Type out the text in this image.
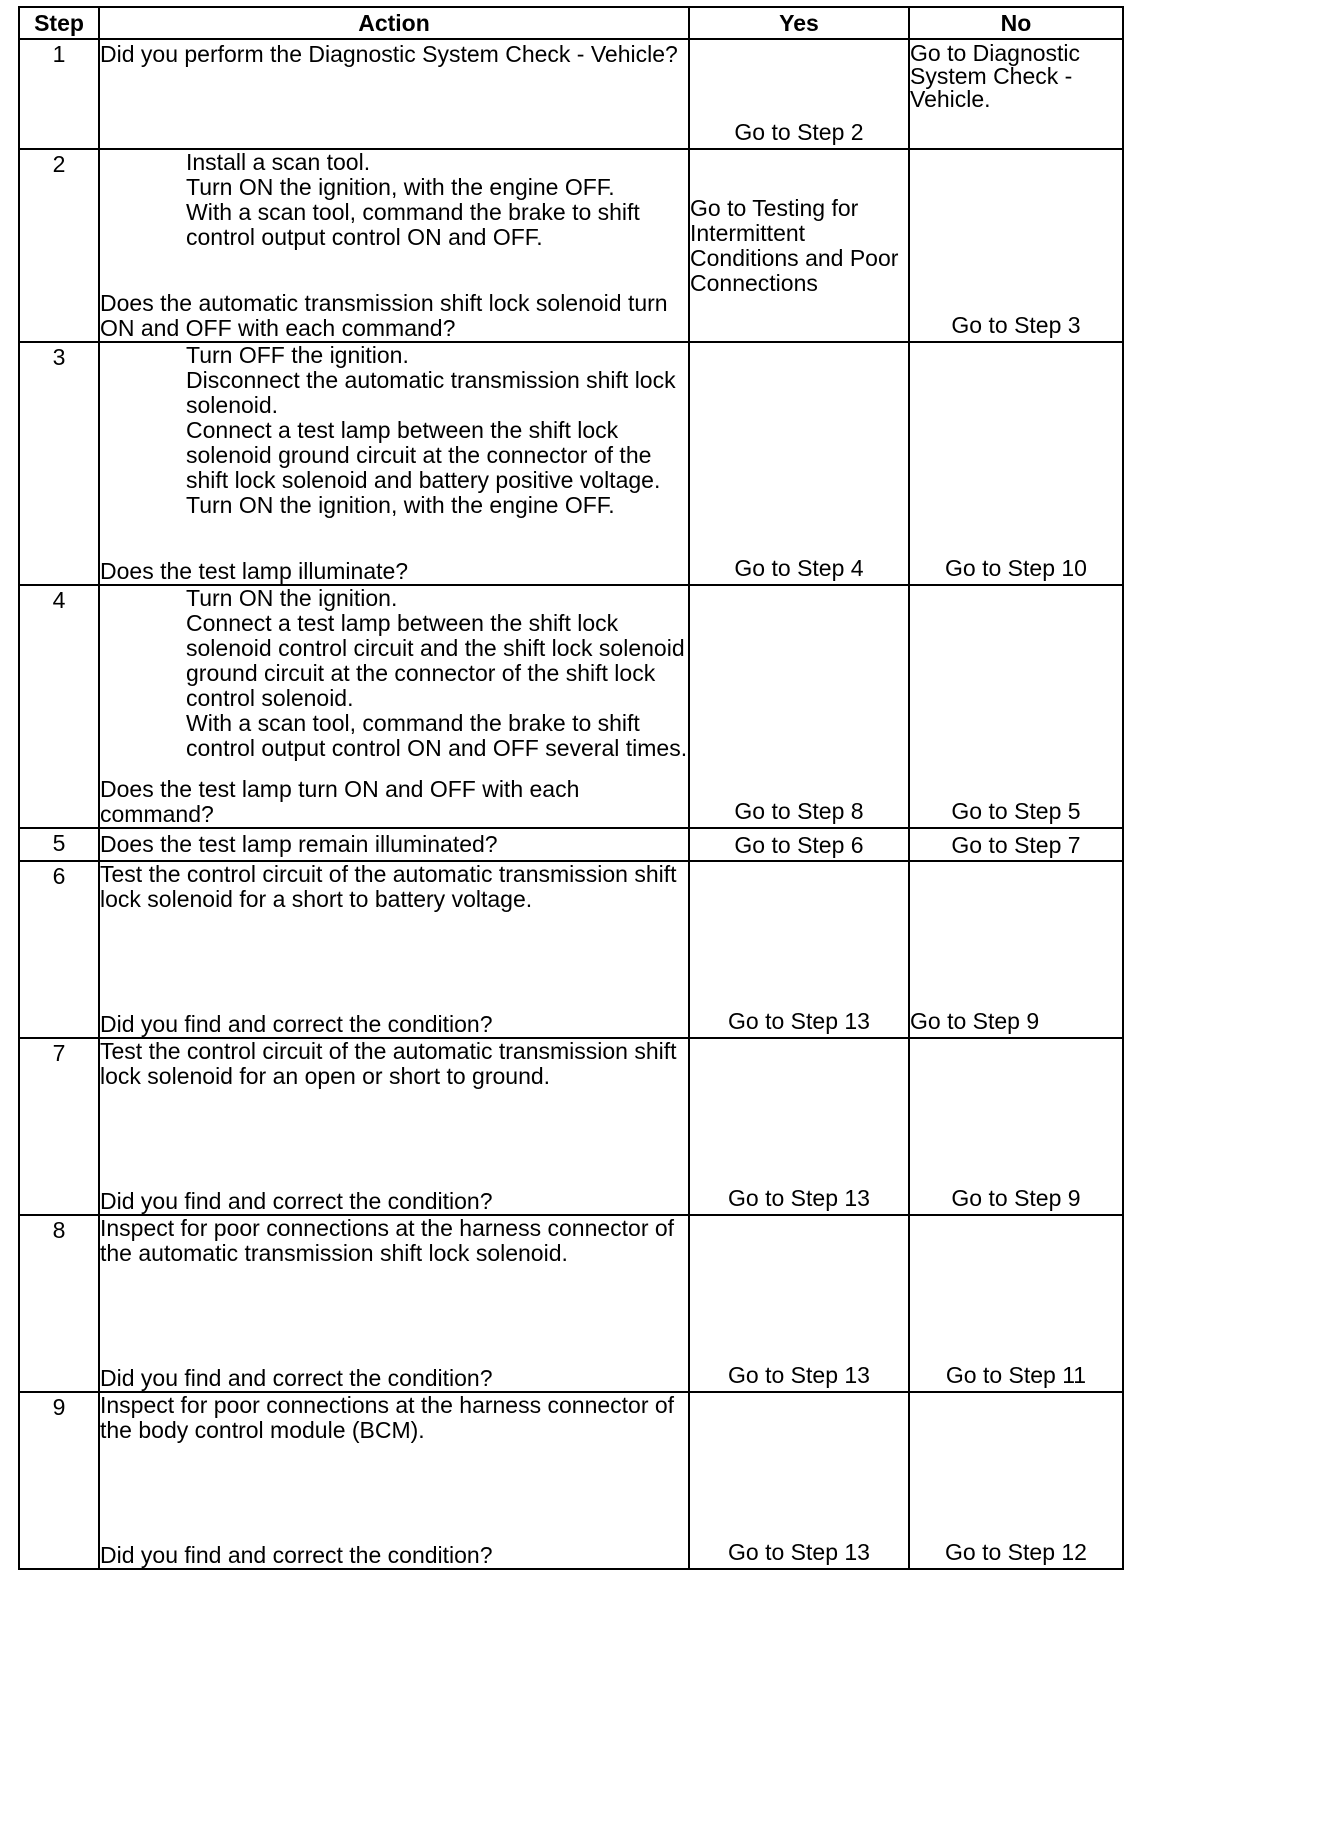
Step	Action	Yes	No
1	Did you perform the Diagnostic System Check - Vehicle?	Go to Step 2	Go to Diagnostic System Check - Vehicle.

2	Install a scan tool.
Turn ON the ignition, with the engine OFF.
With a scan tool, command the brake to shift control output control ON and OFF.
Does the automatic transmission shift lock solenoid turn ON and OFF with each command?	Go to Testing for Intermittent Conditions and Poor Connections	Go to Step 3

3	Turn OFF the ignition.
Disconnect the automatic transmission shift lock solenoid.
Connect a test lamp between the shift lock solenoid ground circuit at the connector of the shift lock solenoid and battery positive voltage.
Turn ON the ignition, with the engine OFF.
Does the test lamp illuminate?	Go to Step 4	Go to Step 10

4	Turn ON the ignition.
Connect a test lamp between the shift lock solenoid control circuit and the shift lock solenoid ground circuit at the connector of the shift lock control solenoid.
With a scan tool, command the brake to shift control output control ON and OFF several times.
Does the test lamp turn ON and OFF with each command?	Go to Step 8	Go to Step 5

5	Does the test lamp remain illuminated?	Go to Step 6	Go to Step 7

6	Test the control circuit of the automatic transmission shift lock solenoid for a short to battery voltage.
Did you find and correct the condition?	Go to Step 13	Go to Step 9

7	Test the control circuit of the automatic transmission shift lock solenoid for an open or short to ground.
Did you find and correct the condition?	Go to Step 13	Go to Step 9

8	Inspect for poor connections at the harness connector of the automatic transmission shift lock solenoid.
Did you find and correct the condition?	Go to Step 13	Go to Step 11

9	Inspect for poor connections at the harness connector of the body control module (BCM).
Did you find and correct the condition?	Go to Step 13	Go to Step 12
